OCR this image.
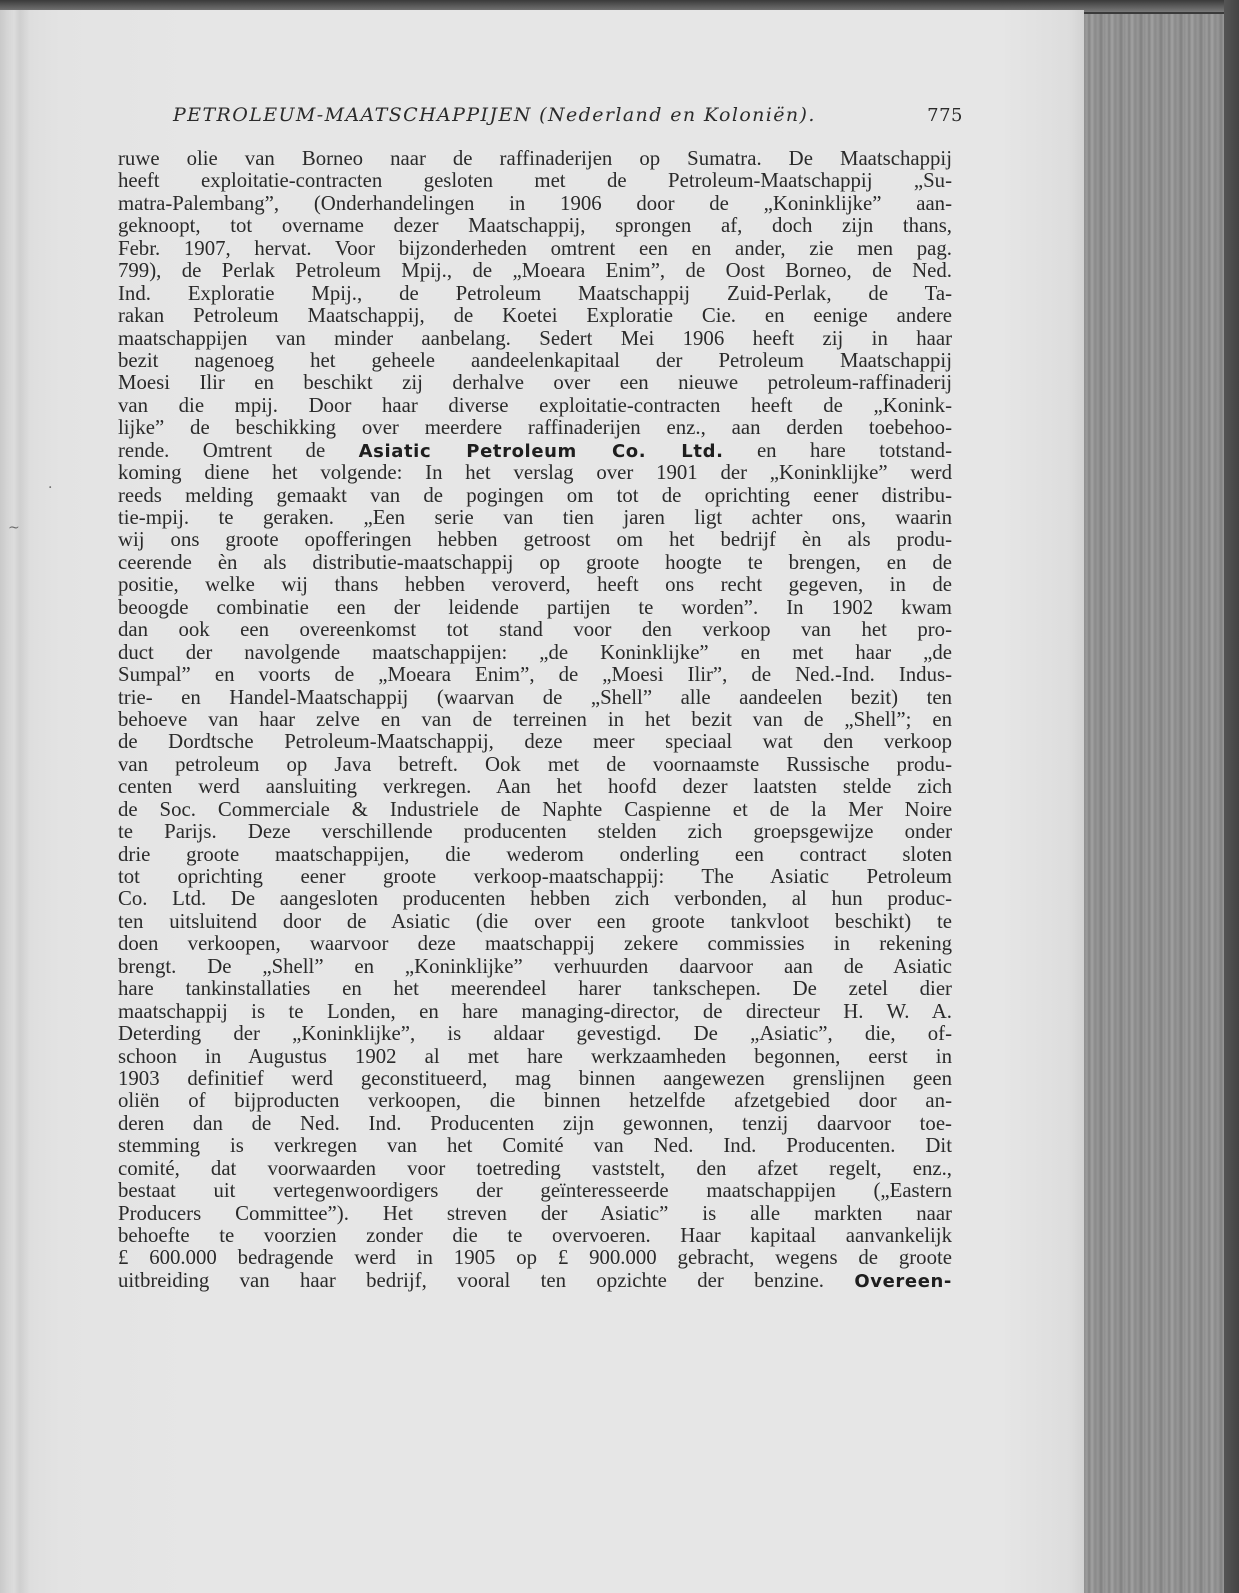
PETROLEUM-MAATSCHAPPIJEN (Nederland en Koloniën).	775
ruwe olie van Borneo naar de raffinaderijen op Sumatra. De Maatschappij
heeft exploitatie-contracten gesloten met de Petroleum-Maatschappij „Su-
matra-Palembang”, (Onderhandelingen in 1906 door de „Koninklijke” aan-
geknoopt, tot overname dezer Maatschappij, sprongen af, doch zijn thans,
Febr. 1907, hervat. Voor bijzonderheden omtrent een en ander, zie men pag.
799), de Perlak Petroleum Mpij., de „Moeara Enim”, de Oost Borneo, de Ned.
Ind. Exploratie Mpij., de Petroleum Maatschappij Zuid-Perlak, de Ta-
rakan Petroleum Maatschappij, de Koetei Exploratie Cie. en eenige andere
maatschappijen van minder aanbelang. Sedert Mei 1906 heeft zij in haar
bezit nagenoeg het geheele aandeelenkapitaal der Petroleum Maatschappij
Moesi Ilir en beschikt zij derhalve over een nieuwe petroleum-raffinaderij
van die mpij. Door haar diverse exploitatie-contracten heeft de „Konink-
lijke” de beschikking over meerdere raffinaderijen enz., aan derden toebehoo-
rende. Omtrent de Asiatic Petroleum Co. Ltd. en hare totstand-
koming diene het volgende: In het verslag over 1901 der „Koninklijke” werd
reeds melding gemaakt van de pogingen om tot de oprichting eener distribu-
tie-mpij. te geraken. „Een serie van tien jaren ligt achter ons, waarin
wij ons groote opofferingen hebben getroost om het bedrijf èn als produ-
ceerende èn als distributie-maatschappij op groote hoogte te brengen, en de
positie, welke wij thans hebben veroverd, heeft ons recht gegeven, in de
beoogde combinatie een der leidende partijen te worden”. In 1902 kwam
dan ook een overeenkomst tot stand voor den verkoop van het pro-
duct der navolgende maatschappijen: „de Koninklijke” en met haar „de
Sumpal” en voorts de „Moeara Enim”, de „Moesi Ilir”, de Ned.-Ind. Indus-
trie- en Handel-Maatschappij (waarvan de „Shell” alle aandeelen bezit) ten
behoeve van haar zelve en van de terreinen in het bezit van de „Shell”; en
de Dordtsche Petroleum-Maatschappij, deze meer speciaal wat den verkoop
van petroleum op Java betreft. Ook met de voornaamste Russische produ-
centen werd aansluiting verkregen. Aan het hoofd dezer laatsten stelde zich
de Soc. Commerciale & Industriele de Naphte Caspienne et de la Mer Noire
te Parijs. Deze verschillende producenten stelden zich groepsgewijze onder
drie groote maatschappijen, die wederom onderling een contract sloten
tot oprichting eener groote verkoop-maatschappij: The Asiatic Petroleum
Co. Ltd. De aangesloten producenten hebben zich verbonden, al hun produc-
ten uitsluitend door de Asiatic (die over een groote tankvloot beschikt) te
doen verkoopen, waarvoor deze maatschappij zekere commissies in rekening
brengt. De „Shell” en „Koninklijke” verhuurden daarvoor aan de Asiatic
hare tankinstallaties en het meerendeel harer tankschepen. De zetel dier
maatschappij is te Londen, en hare managing-director, de directeur H. W. A.
Deterding der „Koninklijke”, is aldaar gevestigd. De „Asiatic”, die, of-
schoon in Augustus 1902 al met hare werkzaamheden begonnen, eerst in
1903 definitief werd geconstitueerd, mag binnen aangewezen grenslijnen geen
oliën of bijproducten verkoopen, die binnen hetzelfde afzetgebied door an-
deren dan de Ned. Ind. Producenten zijn gewonnen, tenzij daarvoor toe-
stemming is verkregen van het Comité van Ned. Ind. Producenten. Dit
comité, dat voorwaarden voor toetreding vaststelt, den afzet regelt, enz.,
bestaat uit vertegenwoordigers der geïnteresseerde maatschappijen („Eastern
Producers Committee”). Het streven der Asiatic” is alle markten naar
behoefte te voorzien zonder die te overvoeren. Haar kapitaal aanvankelijk
£ 600.000 bedragende werd in 1905 op £ 900.000 gebracht, wegens de groote
uitbreiding van haar bedrijf, vooral ten opzichte der benzine. Overeen-
·
~
